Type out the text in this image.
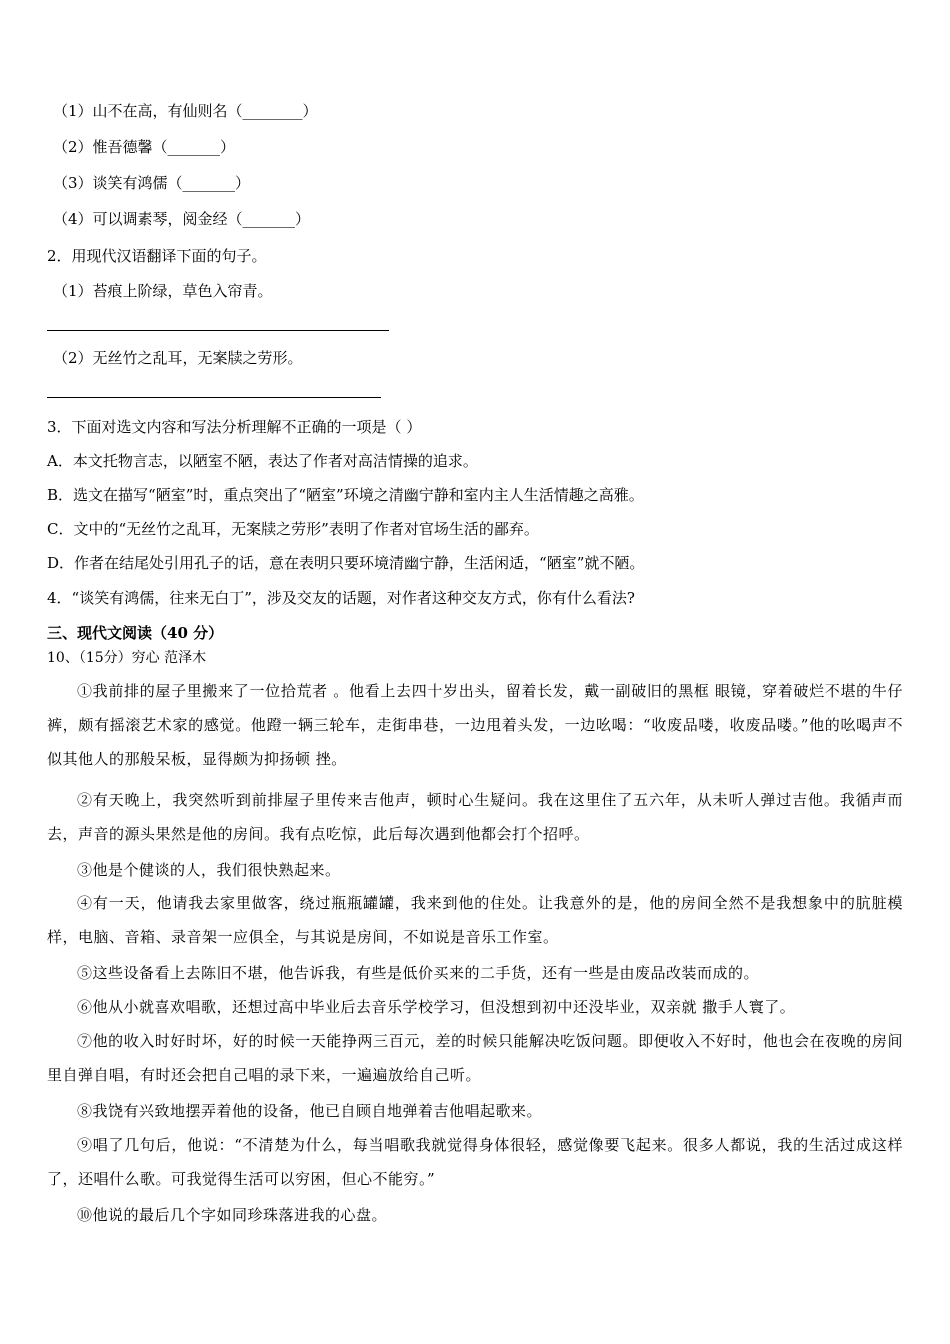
（1）山不在高，有仙则名（________）
（2）惟吾德馨（_______）
（3）谈笑有鸿儒（_______）
（4）可以调素琴，阅金经（_______）
2．用现代汉语翻译下面的句子。
（1）苔痕上阶绿，草色入帘青。
（2）无丝竹之乱耳，无案牍之劳形。
3．下面对选文内容和写法分析理解不正确的一项是（ ）
A．本文托物言志，以陋室不陋，表达了作者对高洁情操的追求。
B．选文在描写“陋室”时，重点突出了“陋室”环境之清幽宁静和室内主人生活情趣之高雅。
C．文中的“无丝竹之乱耳，无案牍之劳形”表明了作者对官场生活的鄙弃。
D．作者在结尾处引用孔子的话，意在表明只要环境清幽宁静，生活闲适，“陋室”就不陋。
4．“谈笑有鸿儒，往来无白丁”，涉及交友的话题，对作者这种交友方式，你有什么看法?
三、现代文阅读（40 分）
10、（15分）穷心 范泽木
①我前排的屋子里搬来了一位拾荒者 。他看上去四十岁出头，留着长发，戴一副破旧的黑框 眼镜，穿着破烂不堪的牛仔裤，颇有摇滚艺术家的感觉。他蹬一辆三轮车，走街串巷，一边甩着头发，一边吆喝：“收废品喽，收废品喽。”他的吆喝声不似其他人的那般呆板，显得颇为抑扬顿 挫。
②有天晚上，我突然听到前排屋子里传来吉他声，顿时心生疑问。我在这里住了五六年，从未听人弹过吉他。我循声而去，声音的源头果然是他的房间。我有点吃惊，此后每次遇到他都会打个招呼。
③他是个健谈的人，我们很快熟起来。
④有一天，他请我去家里做客，绕过瓶瓶罐罐，我来到他的住处。让我意外的是，他的房间全然不是我想象中的肮脏模样，电脑、音箱、录音架一应俱全，与其说是房间，不如说是音乐工作室。
⑤这些设备看上去陈旧不堪，他告诉我，有些是低价买来的二手货，还有一些是由废品改装而成的。
⑥他从小就喜欢唱歌，还想过高中毕业后去音乐学校学习，但没想到初中还没毕业，双亲就 撒手人寰了。
⑦他的收入时好时坏，好的时候一天能挣两三百元，差的时候只能解决吃饭问题。即便收入不好时，他也会在夜晚的房间里自弹自唱，有时还会把自己唱的录下来，一遍遍放给自己听。
⑧我饶有兴致地摆弄着他的设备，他已自顾自地弹着吉他唱起歌来。
⑨唱了几句后，他说：“不清楚为什么，每当唱歌我就觉得身体很轻，感觉像要飞起来。很多人都说，我的生活过成这样了，还唱什么歌。可我觉得生活可以穷困，但心不能穷。”
⑩他说的最后几个字如同珍珠落进我的心盘。
